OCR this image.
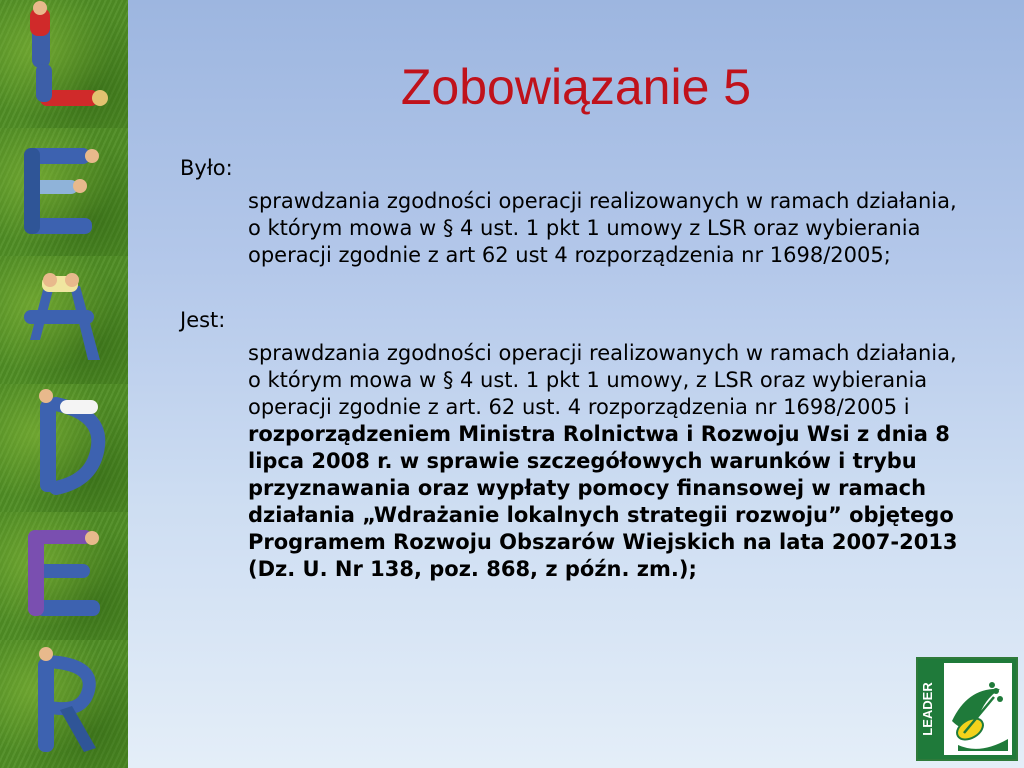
Zobowiązanie 5

Było:

sprawdzania zgodności operacji realizowanych w ramach działania, o którym mowa w § 4 ust. 1 pkt 1 umowy z LSR oraz wybierania operacji zgodnie z art 62 ust 4 rozporządzenia nr 1698/2005;

Jest:

sprawdzania zgodności operacji realizowanych w ramach działania, o którym mowa w § 4 ust. 1 pkt 1 umowy, z LSR oraz wybierania operacji zgodnie z art. 62 ust. 4 rozporządzenia nr 1698/2005 i rozporządzeniem Ministra Rolnictwa i Rozwoju Wsi z dnia 8 lipca 2008 r. w sprawie szczegółowych warunków i trybu przyznawania oraz wypłaty pomocy finansowej w ramach działania „Wdrażanie lokalnych strategii rozwoju” objętego Programem Rozwoju Obszarów Wiejskich na lata 2007-2013 (Dz. U. Nr 138, poz. 868, z późn. zm.);

LEADER
